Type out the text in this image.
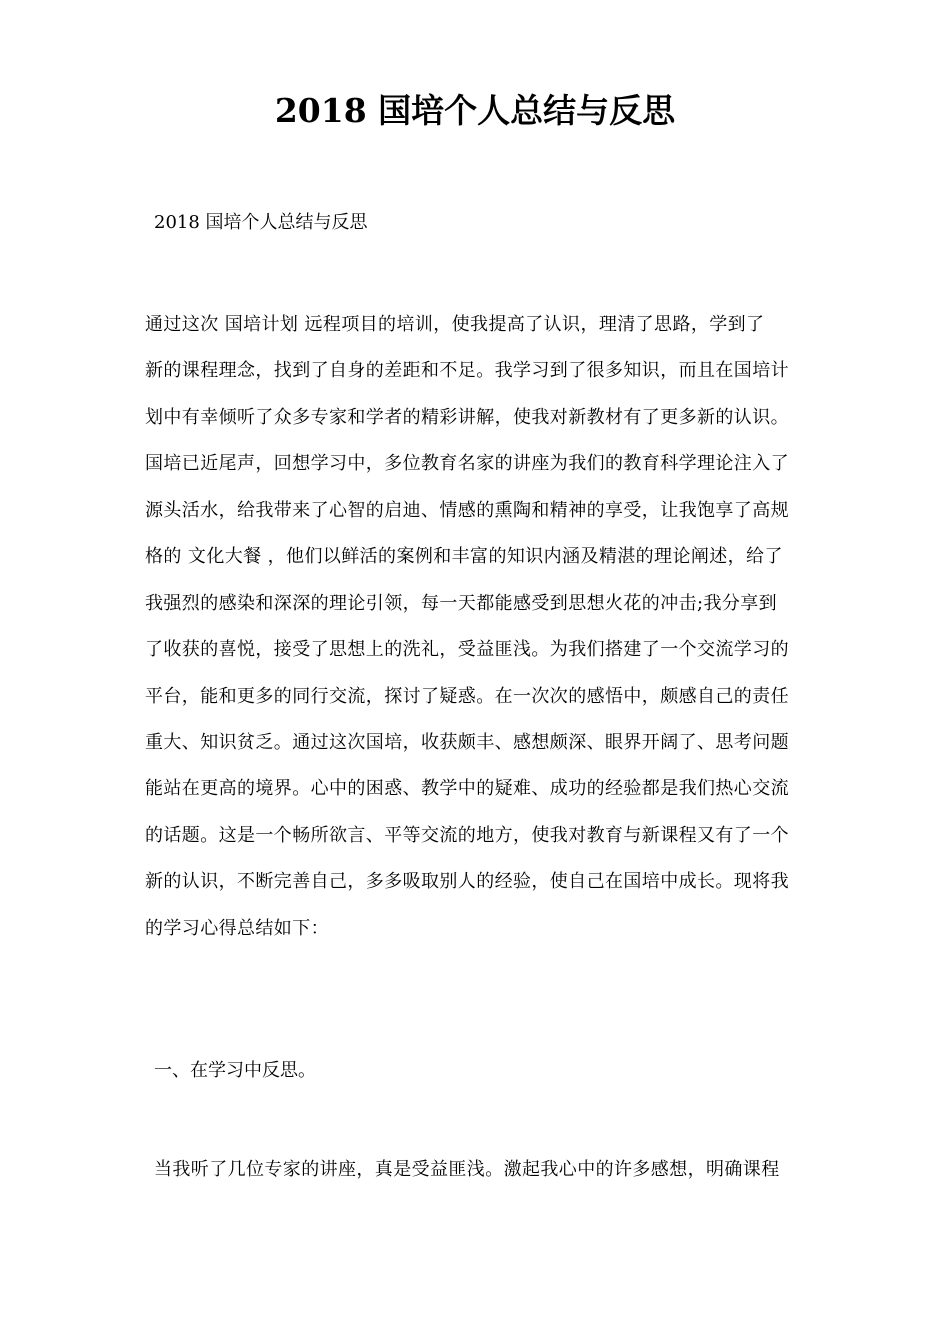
2018 国培个人总结与反思

2018 国培个人总结与反思

通过这次 国培计划 远程项目的培训，使我提高了认识，理清了思路，学到了
新的课程理念，找到了自身的差距和不足。我学习到了很多知识，而且在国培计
划中有幸倾听了众多专家和学者的精彩讲解，使我对新教材有了更多新的认识。
国培已近尾声，回想学习中，多位教育名家的讲座为我们的教育科学理论注入了
源头活水，给我带来了心智的启迪、情感的熏陶和精神的享受，让我饱享了高规
格的 文化大餐 ，他们以鲜活的案例和丰富的知识内涵及精湛的理论阐述，给了
我强烈的感染和深深的理论引领，每一天都能感受到思想火花的冲击;我分享到
了收获的喜悦，接受了思想上的洗礼，受益匪浅。为我们搭建了一个交流学习的
平台，能和更多的同行交流，探讨了疑惑。在一次次的感悟中，颇感自己的责任
重大、知识贫乏。通过这次国培，收获颇丰、感想颇深、眼界开阔了、思考问题
能站在更高的境界。心中的困惑、教学中的疑难、成功的经验都是我们热心交流
的话题。这是一个畅所欲言、平等交流的地方，使我对教育与新课程又有了一个
新的认识，不断完善自己，多多吸取别人的经验，使自己在国培中成长。现将我
的学习心得总结如下：

一、在学习中反思。

当我听了几位专家的讲座，真是受益匪浅。激起我心中的许多感想，明确课程
